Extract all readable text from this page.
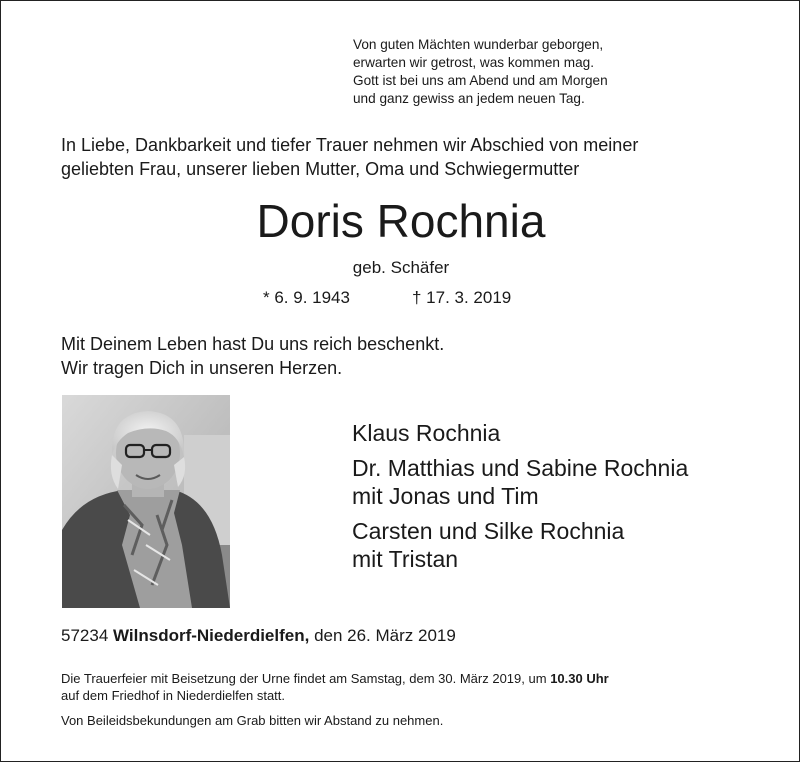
Von guten Mächten wunderbar geborgen,
erwarten wir getrost, was kommen mag.
Gott ist bei uns am Abend und am Morgen
und ganz gewiss an jedem neuen Tag.
In Liebe, Dankbarkeit und tiefer Trauer nehmen wir Abschied von meiner
geliebten Frau, unserer lieben Mutter, Oma und Schwiegermutter
Doris Rochnia
geb. Schäfer
* 6. 9. 1943	† 17. 3. 2019
Mit Deinem Leben hast Du uns reich beschenkt.
Wir tragen Dich in unseren Herzen.
Klaus Rochnia
Dr. Matthias und Sabine Rochnia
mit Jonas und Tim
Carsten und Silke Rochnia
mit Tristan
57234 Wilnsdorf-Niederdielfen, den 26. März 2019
Die Trauerfeier mit Beisetzung der Urne findet am Samstag, dem 30. März 2019, um 10.30 Uhr
auf dem Friedhof in Niederdielfen statt.
Von Beileidsbekundungen am Grab bitten wir Abstand zu nehmen.
